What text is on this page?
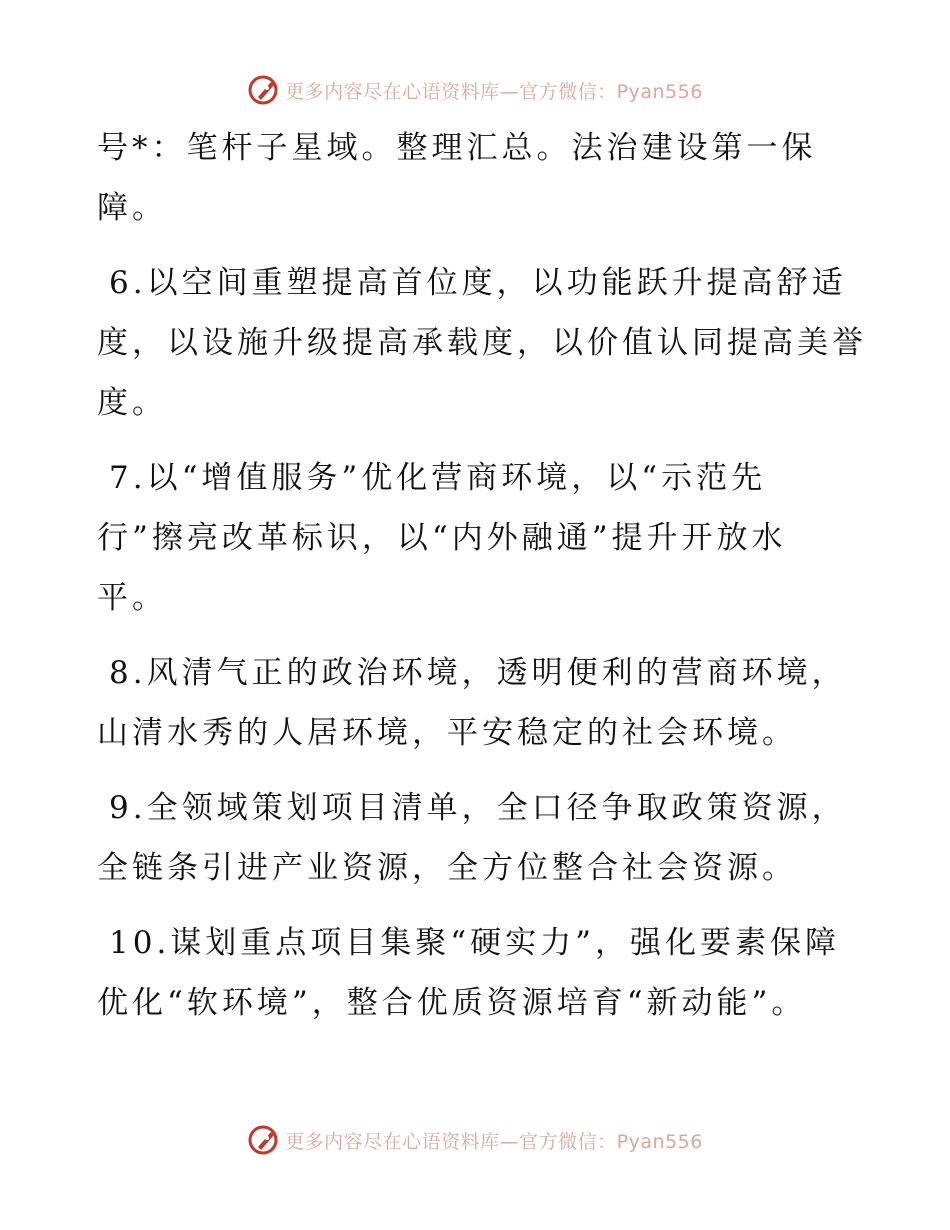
更多内容尽在心语资料库—官方微信：Pyan556

号*：笔杆子星域。整理汇总。法治建设第一保
障。

6.以空间重塑提高首位度，以功能跃升提高舒适
度，以设施升级提高承载度，以价值认同提高美誉
度。

7.以“增值服务”优化营商环境，以“示范先
行”擦亮改革标识，以“内外融通”提升开放水
平。

8.风清气正的政治环境，透明便利的营商环境，
山清水秀的人居环境，平安稳定的社会环境。

9.全领域策划项目清单，全口径争取政策资源，
全链条引进产业资源，全方位整合社会资源。

10.谋划重点项目集聚“硬实力”，强化要素保障
优化“软环境”，整合优质资源培育“新动能”。

更多内容尽在心语资料库—官方微信：Pyan556
